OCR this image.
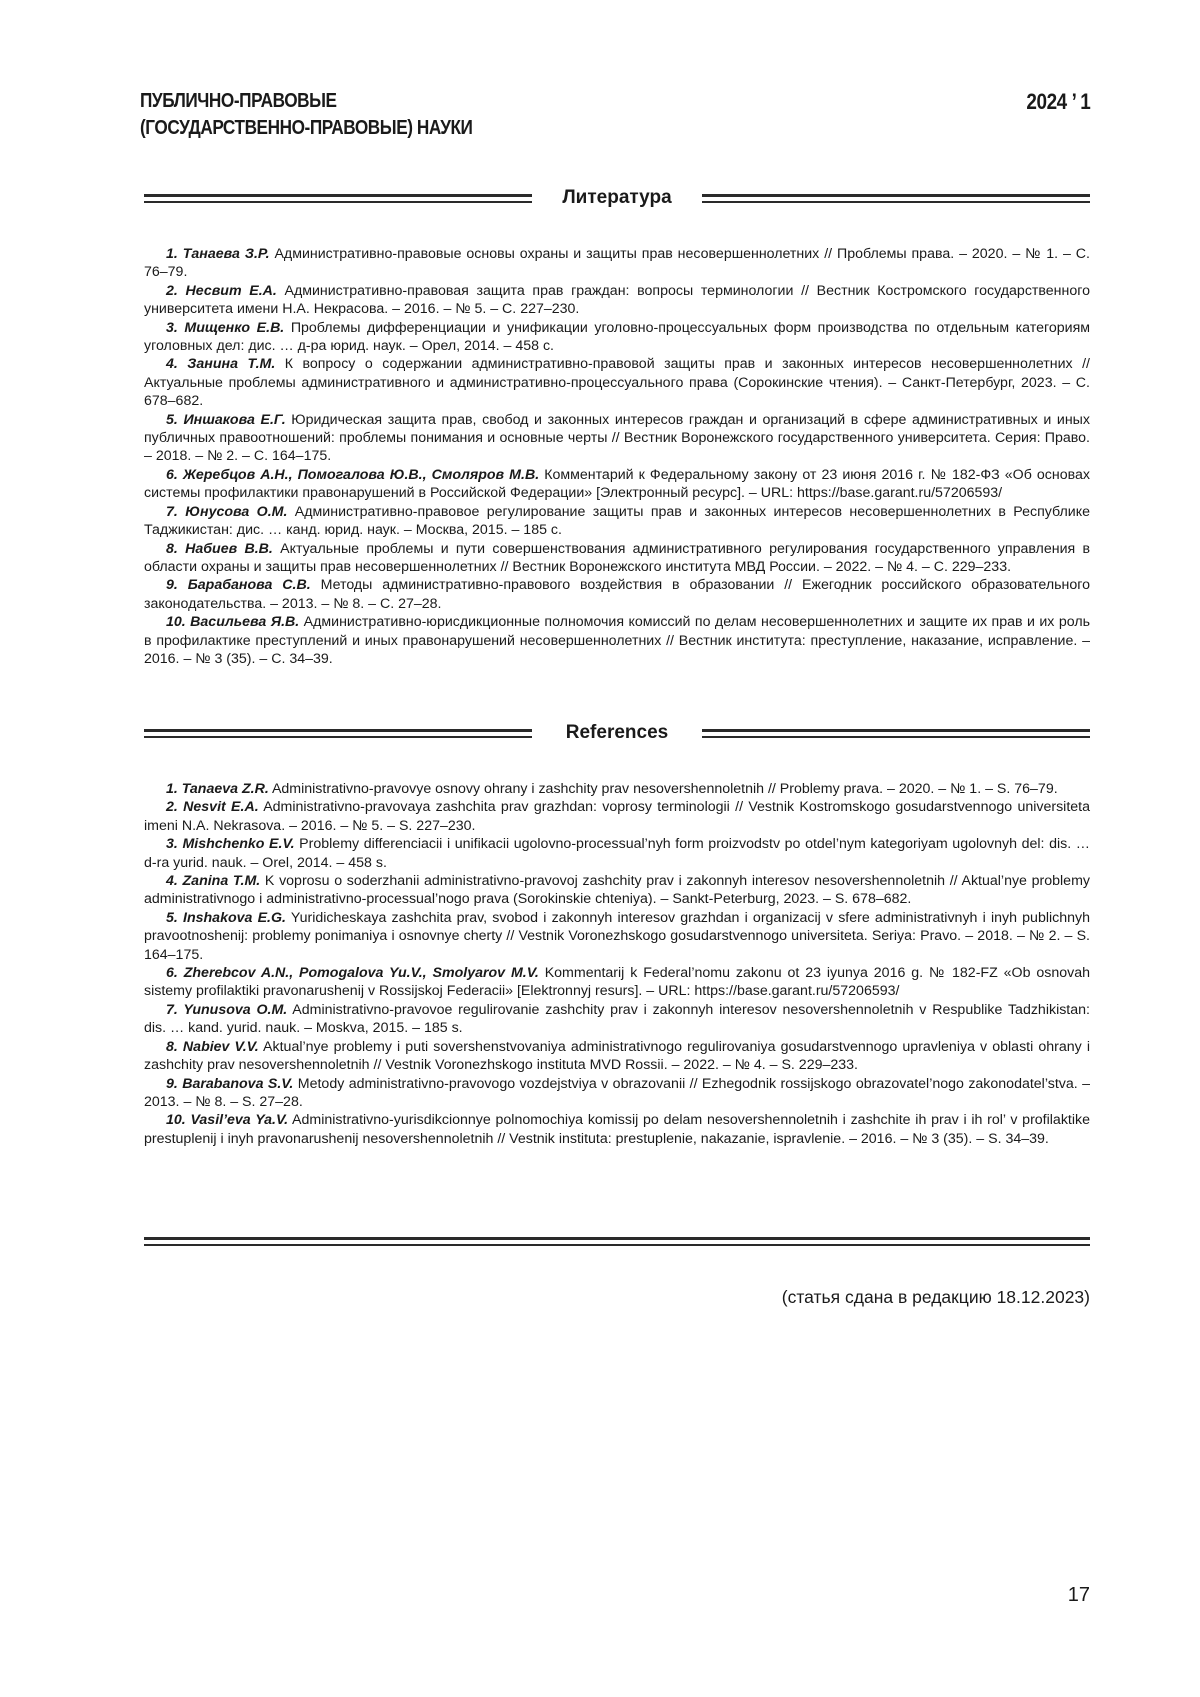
ПУБЛИЧНО-ПРАВОВЫЕ
(ГОСУДАРСТВЕННО-ПРАВОВЫЕ) НАУКИ
2024 ’ 1
Литература

1. Танаева З.Р. Административно-правовые основы охраны и защиты прав несовершеннолетних // Проблемы права. – 2020. – № 1. – С. 76–79.

2. Несвит Е.А. Административно-правовая защита прав граждан: вопросы терминологии // Вестник Костромского государственного университета имени Н.А. Некрасова. – 2016. – № 5. – С. 227–230.

3. Мищенко Е.В. Проблемы дифференциации и унификации уголовно-процессуальных форм производства по отдельным категориям уголовных дел: дис. … д-ра юрид. наук. – Орел, 2014. – 458 с.

4. Занина Т.М. К вопросу о содержании административно-правовой защиты прав и законных интересов несовершеннолетних // Актуальные проблемы административного и административно-процессуального права (Сорокинские чтения). – Санкт-Петербург, 2023. – С. 678–682.

5. Иншакова Е.Г. Юридическая защита прав, свобод и законных интересов граждан и организаций в сфере административных и иных публичных правоотношений: проблемы понимания и основные черты // Вестник Воронежского государственного университета. Серия: Право. – 2018. – № 2. – С. 164–175.

6. Жеребцов А.Н., Помогалова Ю.В., Смоляров М.В. Комментарий к Федеральному закону от 23 июня 2016 г. № 182-ФЗ «Об основах системы профилактики правонарушений в Российской Федерации» [Электронный ресурс]. – URL: https://base.garant.ru/57206593/

7. Юнусова О.М. Административно-правовое регулирование защиты прав и законных интересов несовершеннолетних в Республике Таджикистан: дис. … канд. юрид. наук. – Москва, 2015. – 185 с.

8. Набиев В.В. Актуальные проблемы и пути совершенствования административного регулирования государственного управления в области охраны и защиты прав несовершеннолетних // Вестник Воронежского института МВД России. – 2022. – № 4. – С. 229–233.

9. Барабанова С.В. Методы административно-правового воздействия в образовании // Ежегодник российского образовательного законодательства. – 2013. – № 8. – С. 27–28.

10. Васильева Я.В. Административно-юрисдикционные полномочия комиссий по делам несовершеннолетних и защите их прав и их роль в профилактике преступлений и иных правонарушений несовершеннолетних // Вестник института: преступление, наказание, исправление. – 2016. – № 3 (35). – С. 34–39.

References

1. Tanaeva Z.R. Administrativno-pravovye osnovy ohrany i zashchity prav nesovershennoletnih // Problemy prava. – 2020. – № 1. – S. 76–79.

2. Nesvit E.A. Administrativno-pravovaya zashchita prav grazhdan: voprosy terminologii // Vestnik Kostromskogo gosudarstvennogo universiteta imeni N.A. Nekrasova. – 2016. – № 5. – S. 227–230.

3. Mishchenko E.V. Problemy differenciacii i unifikacii ugolovno-processual’nyh form proizvodstv po otdel’nym kategoriyam ugolovnyh del: dis. … d-ra yurid. nauk. – Orel, 2014. – 458 s.

4. Zanina T.M. K voprosu o soderzhanii administrativno-pravovoj zashchity prav i zakonnyh interesov nesovershennoletnih // Aktual’nye problemy administrativnogo i administrativno-processual’nogo prava (Sorokinskie chteniya). – Sankt-Peterburg, 2023. – S. 678–682.

5. Inshakova E.G. Yuridicheskaya zashchita prav, svobod i zakonnyh interesov grazhdan i organizacij v sfere administrativnyh i inyh publichnyh pravootnoshenij: problemy ponimaniya i osnovnye cherty // Vestnik Voronezhskogo gosudarstvennogo universiteta. Seriya: Pravo. – 2018. – № 2. – S. 164–175.

6. Zherebcov A.N., Pomogalova Yu.V., Smolyarov M.V. Kommentarij k Federal’nomu zakonu ot 23 iyunya 2016 g. № 182-FZ «Ob osnovah sistemy profilaktiki pravonarushenij v Rossijskoj Federacii» [Elektronnyj resurs]. – URL: https://base.garant.ru/57206593/

7. Yunusova O.M. Administrativno-pravovoe regulirovanie zashchity prav i zakonnyh interesov nesovershennoletnih v Respublike Tadzhikistan: dis. … kand. yurid. nauk. – Moskva, 2015. – 185 s.

8. Nabiev V.V. Aktual’nye problemy i puti sovershenstvovaniya administrativnogo regulirovaniya gosudarstvennogo upravleniya v oblasti ohrany i zashchity prav nesovershennoletnih // Vestnik Voronezhskogo instituta MVD Rossii. – 2022. – № 4. – S. 229–233.

9. Barabanova S.V. Metody administrativno-pravovogo vozdejstviya v obrazovanii // Ezhegodnik rossijskogo obrazovatel’nogo zakonodatel’stva. – 2013. – № 8. – S. 27–28.

10. Vasil’eva Ya.V. Administrativno-yurisdikcionnye polnomochiya komissij po delam nesovershennoletnih i zashchite ih prav i ih rol’ v profilaktike prestuplenij i inyh pravonarushenij nesovershennoletnih // Vestnik instituta: prestuplenie, nakazanie, ispravlenie. – 2016. – № 3 (35). – S. 34–39.

(статья сдана в редакцию 18.12.2023)
17
